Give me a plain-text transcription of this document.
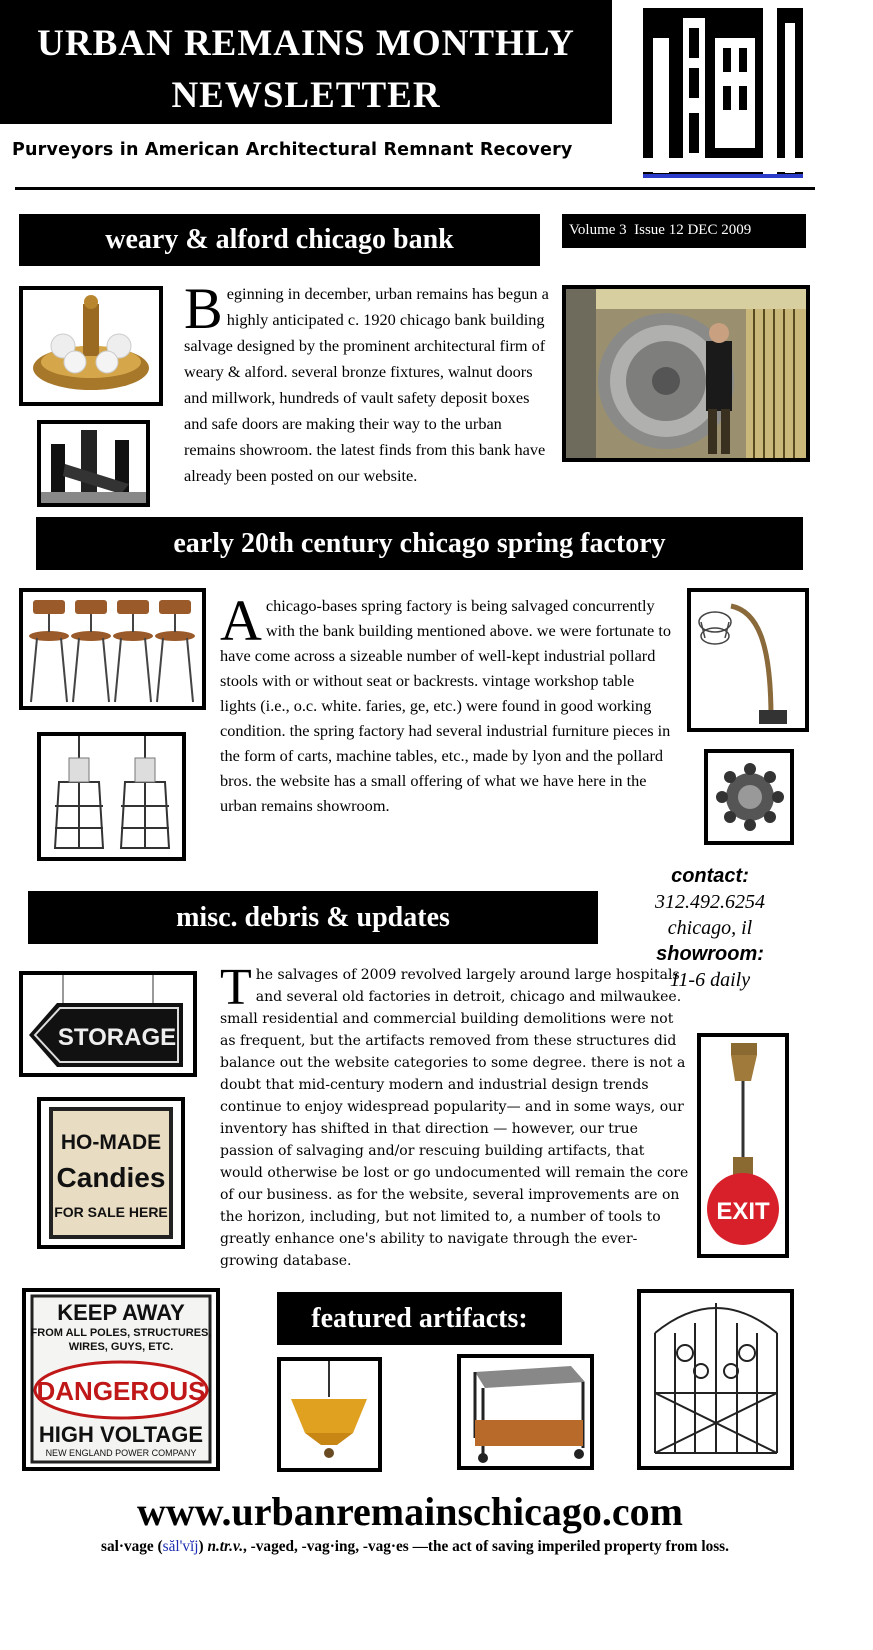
URBAN REMAINS MONTHLY
NEWSLETTER
Purveyors in American Architectural Remnant Recovery
weary & alford chicago bank	Volume 3  Issue 12 DEC 2009
Beginning in december, urban remains has begun a highly anticipated c. 1920 chicago bank building salvage designed by the prominent architectural firm of weary & alford. several bronze fixtures, walnut doors and millwork, hundreds of vault safety deposit boxes and safe doors are making their way to the urban remains showroom. the latest finds from this bank have already been posted on our website.
early 20th century chicago spring factory
Achicago-bases spring factory is being salvaged concurrently with the bank building mentioned above. we were fortunate to have come across a sizeable number of well-kept industrial pollard stools with or without seat or backrests. vintage workshop table lights (i.e., o.c. white. faries, ge, etc.) were found in good working condition. the spring factory had several industrial furniture pieces in the form of carts, machine tables, etc., made by lyon and the pollard bros. the website has a small offering of what we have here in the urban remains showroom.
contact:
312.492.6254
chicago, il
showroom:
11-6 daily
misc. debris & updates
STORAGE
HO-MADE
Candies
FOR SALE HERE
The salvages of 2009 revolved largely around large hospitals and several old factories in detroit, chicago and milwaukee. small residential and commercial building demolitions were not as frequent, but the artifacts removed from these structures did balance out the website categories to some degree. there is not a doubt that mid-century modern and industrial design trends continue to enjoy widespread popularity— and in some ways, our inventory has shifted in that direction — however, our true passion of salvaging and/or rescuing building artifacts, that would otherwise be lost or go undocumented will remain the core of our business. as for the website, several improvements are on the horizon, including, but not limited to, a number of tools to greatly enhance one's ability to navigate through the ever-growing database.
EXIT
KEEP AWAY
FROM ALL POLES, STRUCTURES,
WIRES, GUYS, ETC.
DANGEROUS
HIGH VOLTAGE
NEW ENGLAND POWER COMPANY
featured artifacts:
www.urbanremainschicago.com
sal·vage (săl'vĭj) n.tr.v., -vaged, -vag·ing, -vag·es —the act of saving imperiled property from loss.
